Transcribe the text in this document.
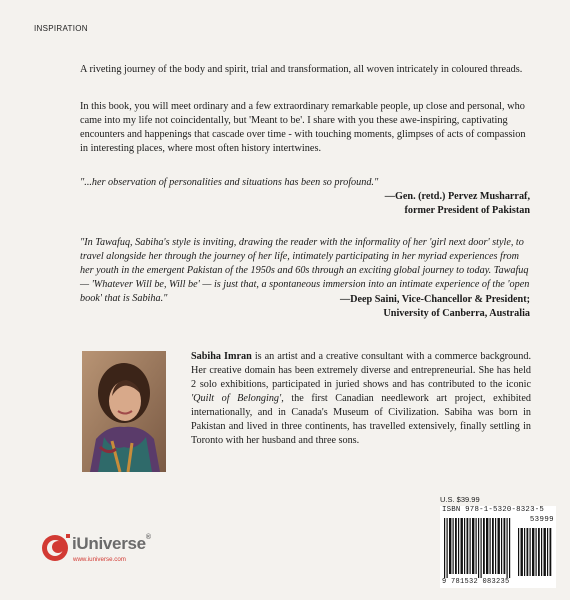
INSPIRATION

A riveting journey of the body and spirit, trial and transformation, all woven intricately in coloured threads.

In this book, you will meet ordinary and a few extraordinary remarkable people, up close and personal, who came into my life not coincidentally, but 'Meant to be'. I share with you these awe-inspiring, captivating encounters and happenings that cascade over time - with touching moments, glimpses of acts of compassion in interesting places, where most often history intertwines.

"...her observation of personalities and situations has been so profound."

—Gen. (retd.) Pervez Musharraf,
former President of Pakistan

"In Tawafuq, Sabiha's style is inviting, drawing the reader with the informality of her 'girl next door' style, to travel alongside her through the journey of her life, intimately participating in her myriad experiences from her youth in the emergent Pakistan of the 1950s and 60s through an exciting global journey to today. Tawafuq — 'Whatever Will be, Will be' — is just that, a spontaneous immersion into an intimate experience of the 'open book' that is Sabiha."	—Deep Saini, Vice-Chancellor & President;
University of Canberra, Australia

Sabiha Imran is an artist and a creative consultant with a commerce background. Her creative domain has been extremely diverse and entrepreneurial. She has held 2 solo exhibitions, participated in juried shows and has contributed to the iconic 'Quilt of Belonging', the first Canadian needlework art project, exhibited internationally, and in Canada's Museum of Civilization. Sabiha was born in Pakistan and lived in three continents, has travelled extensively, finally settling in Toronto with her husband and three sons.

U.S. $39.99
ISBN 978-1-5320-8323-5
53999
9 781532 083235
iUniverse®
www.iuniverse.com
